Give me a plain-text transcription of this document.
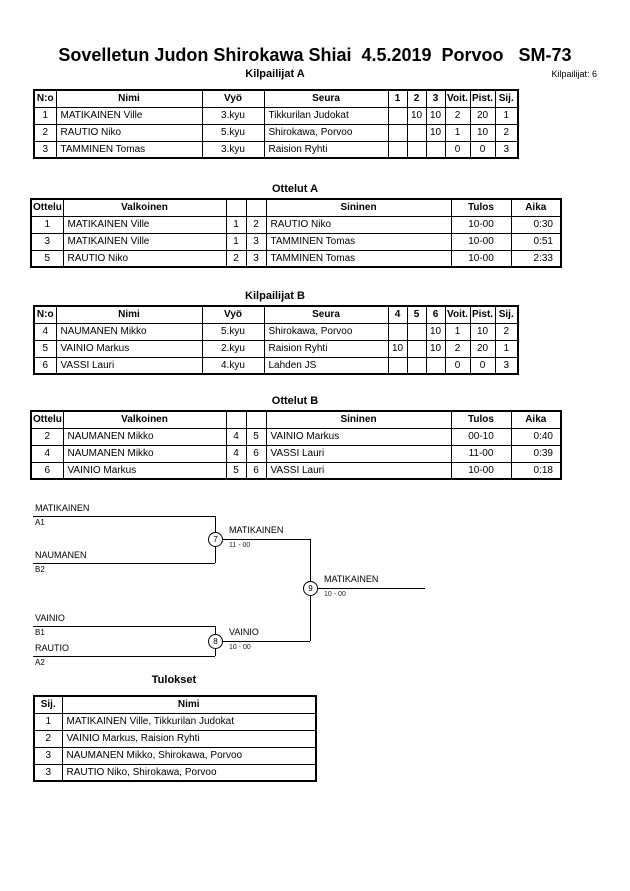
Sovelletun Judon Shirokawa Shiai  4.5.2019  Porvoo   SM-73
Kilpailijat: 6
Kilpailijat A
N:o	Nimi	Vyö	Seura	1	2	3	Voit.	Pist.	Sij.
1	MATIKAINEN Ville	3.kyu	Tikkurilan Judokat		10	10	2	20	1
2	RAUTIO Niko	5.kyu	Shirokawa, Porvoo			10	1	10	2
3	TAMMINEN Tomas	3.kyu	Raision Ryhti				0	0	3
Ottelut A
Ottelu	Valkoinen			Sininen	Tulos	Aika
1	MATIKAINEN Ville	1	2	RAUTIO Niko	10-00	0:30
3	MATIKAINEN Ville	1	3	TAMMINEN Tomas	10-00	0:51
5	RAUTIO Niko	2	3	TAMMINEN Tomas	10-00	2:33
Kilpailijat B
N:o	Nimi	Vyö	Seura	4	5	6	Voit.	Pist.	Sij.
4	NAUMANEN Mikko	5.kyu	Shirokawa, Porvoo			10	1	10	2
5	VAINIO Markus	2.kyu	Raision Ryhti	10		10	2	20	1
6	VASSI Lauri	4.kyu	Lahden JS				0	0	3
Ottelut B
Ottelu	Valkoinen			Sininen	Tulos	Aika
2	NAUMANEN Mikko	4	5	VAINIO Markus	00-10	0:40
4	NAUMANEN Mikko	4	6	VASSI Lauri	11-00	0:39
6	VAINIO Markus	5	6	VASSI Lauri	10-00	0:18
MATIKAINEN
A1
NAUMANEN
B2
VAINIO
B1
RAUTIO
A2
7
MATIKAINEN
11 - 00
8
VAINIO
10 - 00
9
MATIKAINEN
10 - 00
Tulokset
Sij.	Nimi
1	MATIKAINEN Ville, Tikkurilan Judokat
2	VAINIO Markus, Raision Ryhti
3	NAUMANEN Mikko, Shirokawa, Porvoo
3	RAUTIO Niko, Shirokawa, Porvoo
